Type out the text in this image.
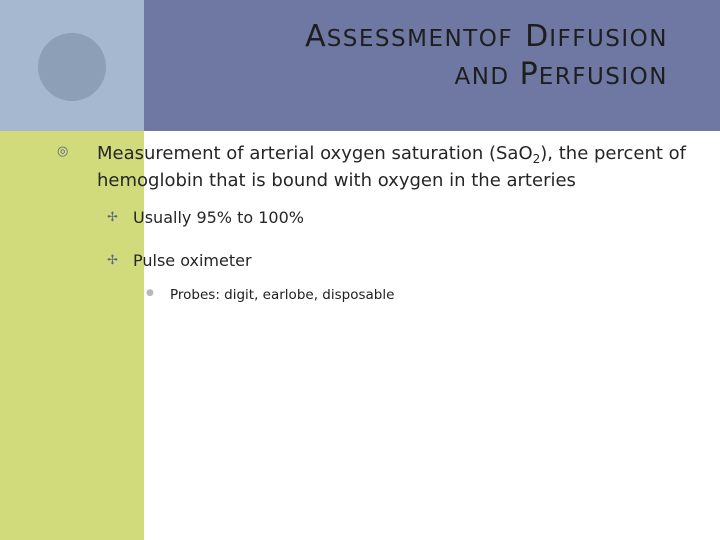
ASSESSMENTOF DIFFUSION
AND PERFUSION
◎ Measurement of arterial oxygen saturation (SaO$_2$), the percent of hemoglobin that is bound with oxygen in the arteries
✢ Usually 95% to 100%
✢ Pulse oximeter
● Probes: digit, earlobe, disposable
